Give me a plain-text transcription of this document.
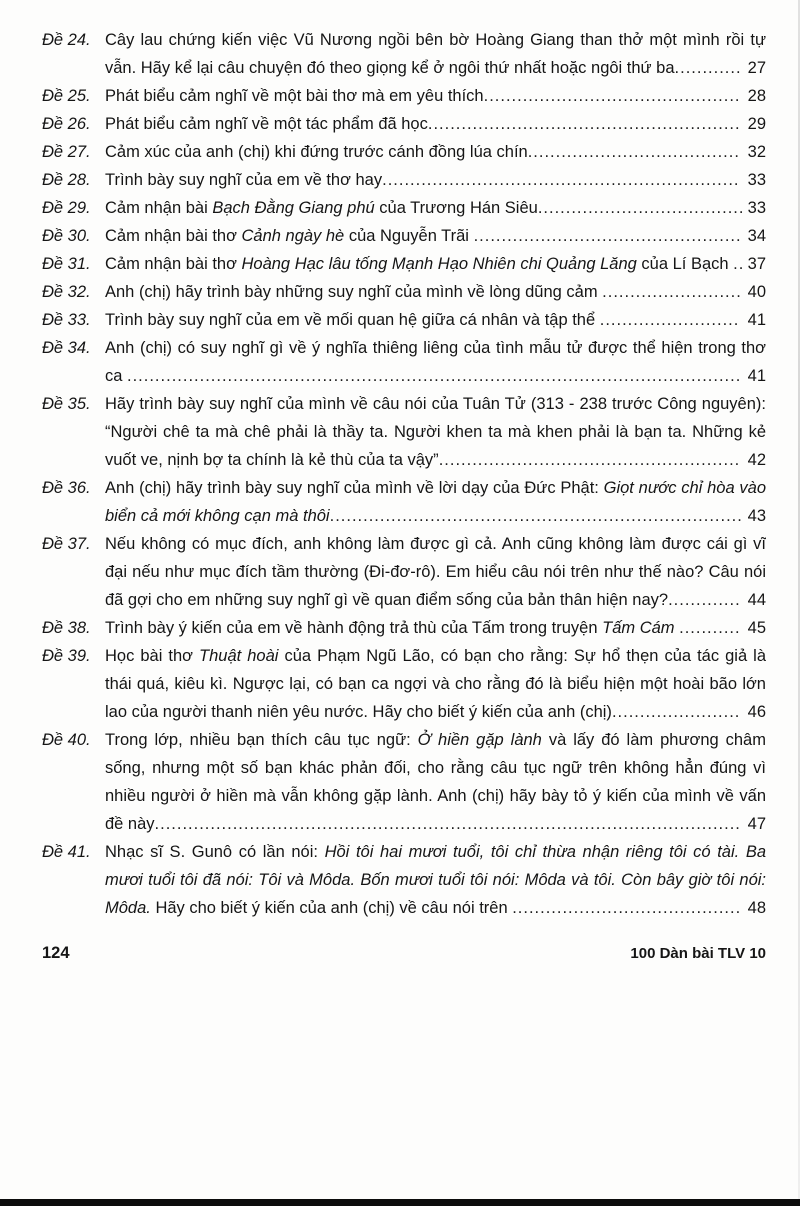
Đề 24. Cây lau chứng kiến việc Vũ Nương ngồi bên bờ Hoàng Giang than thở một mình rồi tự vẫn. Hãy kể lại câu chuyện đó theo giọng kể ở ngôi thứ nhất hoặc ngôi thứ ba............ 27
Đề 25. Phát biểu cảm nghĩ về một bài thơ mà em yêu thích.............................................. 28
Đề 26. Phát biểu cảm nghĩ về một tác phẩm đã học........................................................ 29
Đề 27. Cảm xúc của anh (chị) khi đứng trước cánh đồng lúa chín...................................... 32
Đề 28. Trình bày suy nghĩ của em về thơ hay................................................................ 33
Đề 29. Cảm nhận bài Bạch Đằng Giang phú của Trương Hán Siêu..................................... 33
Đề 30. Cảm nhận bài thơ Cảnh ngày hè của Nguyễn Trãi ................................................ 34
Đề 31. Cảm nhận bài thơ Hoàng Hạc lâu tống Mạnh Hạo Nhiên chi Quảng Lăng của Lí Bạch .. 37
Đề 32. Anh (chị) hãy trình bày những suy nghĩ của mình về lòng dũng cảm ......................... 40
Đề 33. Trình bày suy nghĩ của em về mối quan hệ giữa cá nhân và tập thể ......................... 41
Đề 34. Anh (chị) có suy nghĩ gì về ý nghĩa thiêng liêng của tình mẫu tử được thể hiện trong thơ ca .............................................................................................................. 41
Đề 35. Hãy trình bày suy nghĩ của mình về câu nói của Tuân Tử (313 - 238 trước Công nguyên): “Người chê ta mà chê phải là thầy ta. Người khen ta mà khen phải là bạn ta. Những kẻ vuốt ve, nịnh bợ ta chính là kẻ thù của ta vậy”...................................................... 42
Đề 36. Anh (chị) hãy trình bày suy nghĩ của mình về lời dạy của Đức Phật: Giọt nước chỉ hòa vào biển cả mới không cạn mà thôi.......................................................................... 43
Đề 37. Nếu không có mục đích, anh không làm được gì cả. Anh cũng không làm được cái gì vĩ đại nếu như mục đích tầm thường (Đi-đơ-rô). Em hiểu câu nói trên như thế nào? Câu nói đã gợi cho em những suy nghĩ gì về quan điểm sống của bản thân hiện nay?............. 44
Đề 38. Trình bày ý kiến của em về hành động trả thù của Tấm trong truyện Tấm Cám ........... 45
Đề 39. Học bài thơ Thuật hoài của Phạm Ngũ Lão, có bạn cho rằng: Sự hổ thẹn của tác giả là thái quá, kiêu kì. Ngược lại, có bạn ca ngợi và cho rằng đó là biểu hiện một hoài bão lớn lao của người thanh niên yêu nước. Hãy cho biết ý kiến của anh (chị)....................... 46
Đề 40. Trong lớp, nhiều bạn thích câu tục ngữ: Ở hiền gặp lành và lấy đó làm phương châm sống, nhưng một số bạn khác phản đối, cho rằng câu tục ngữ trên không hẳn đúng vì nhiều người ở hiền mà vẫn không gặp lành. Anh (chị) hãy bày tỏ ý kiến của mình về vấn đề này......................................................................................................... 47
Đề 41. Nhạc sĩ S. Gunô có lần nói: Hồi tôi hai mươi tuổi, tôi chỉ thừa nhận riêng tôi có tài. Ba mươi tuổi tôi đã nói: Tôi và Môda. Bốn mươi tuổi tôi nói: Môda và tôi. Còn bây giờ tôi nói: Môda. Hãy cho biết ý kiến của anh (chị) về câu nói trên ......................................... 48
124	100 Dàn bài TLV 10
